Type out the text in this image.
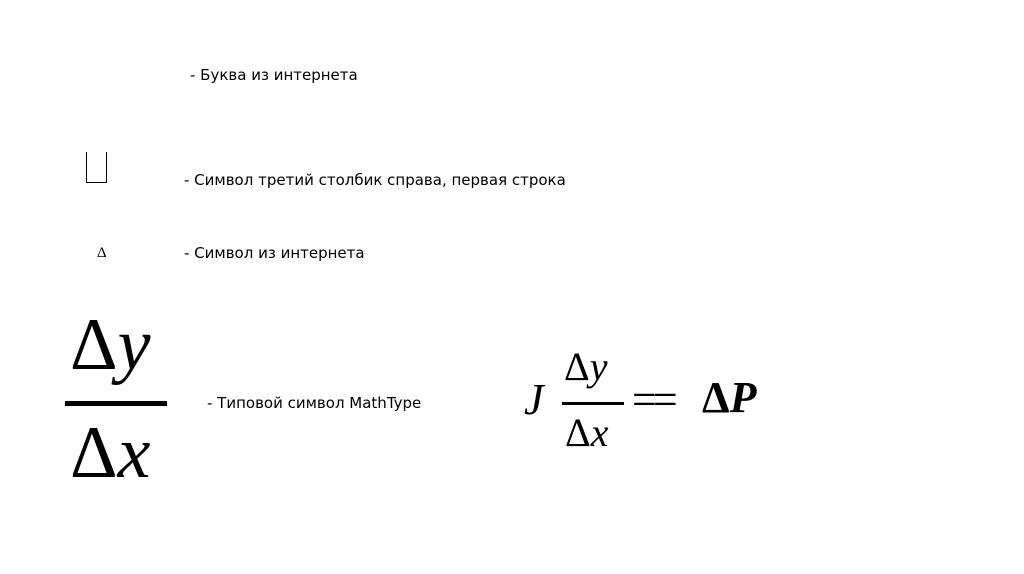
- Буква из интернета
- Символ третий столбик справа, первая строка
Δ	- Символ из интернета
Δy
Δx
- Типовой символ MathType J
Δy
Δx
== ΔP
